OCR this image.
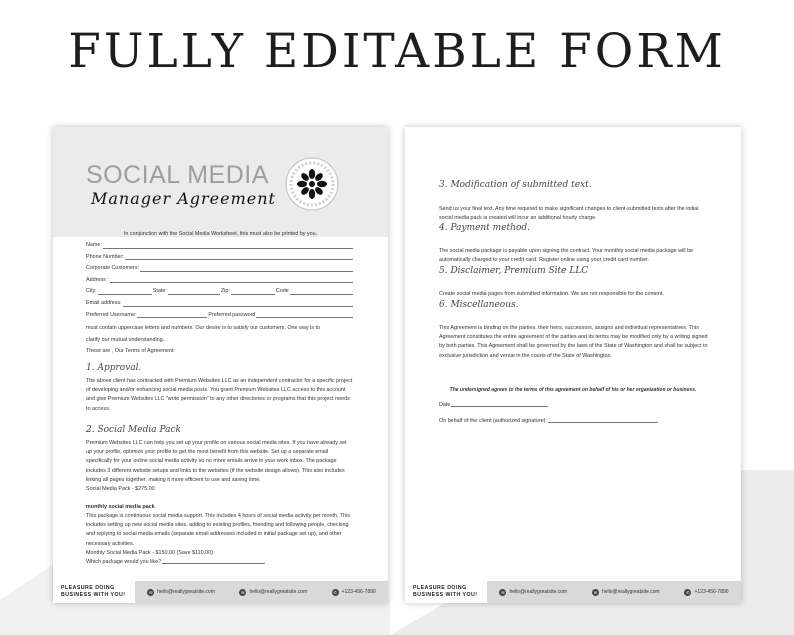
FULLY EDITABLE FORM
SOCIAL MEDIA
Manager Agreement
In conjunction with the Social Media Worksheet, this must also be printed by you.
Name:
Phone Number:
Corporate Customers:
Address :
City:	State:	Zip:	Code
Email address:
Preferred Username:	Preferred password
must contain uppercase letters and numbers. Our desire is to satisfy our customers. One way is to
clarify our mutual understanding.
These are , Our Terms of Agreement:
1. Approval.
The above client has contracted with Premium Websites LLC as an independent contractor for a specific project of developing and/or enhancing social media posts. You grant Premium Websites LLC access to this account and give Premium Websites LLC "write permission" to any other directories or programs that this project needs to access.
2. Social Media Pack
Premium Websites LLC can help you set up your profile on various social media sites. If you have already set up your profile, optimize your profile to get the most benefit from this website. Set up a separate email specifically for your online social media activity so no more emails arrive in your work inbox. The package includes 3 different website setups and links to the websites (if the website design allows). This also includes linking all pages together, making it more efficient to use and saving time.
Social Media Pack - $275.00
monthly social media pack
This package is continuous social media support. This includes 4 hours of social media activity per month. This includes setting up new social media sites, adding to existing profiles, friending and following people, checking and replying to social media emails (separate email addresses included in initial package set up), and other necessary activities.
Monthly Social Media Pack - $150.00 (Save $110.00)
Which package would you like?
PLEASURE DOING
BUSINESS WITH YOU!	✉ hello@reallygreatsite.com	✉ hello@reallygreatsite.com	✆ +123-456-7890
3. Modification of submitted text.
Send us your final text. Any time required to make significant changes to client-submitted texts after the initial social media pack is created will incur an additional hourly charge.
4. Payment method.
The social media package is payable upon signing the contract. Your monthly social media package will be automatically charged to your credit card. Register online using your credit card number.
5. Disclaimer, Premium Site LLC
Create social media pages from submitted information. We are not responsible for the content.
6. Miscellaneous.
This Agreement is binding on the parties, their heirs, successors, assigns and individual representatives. This Agreement constitutes the entire agreement of the parties and its terms may be modified only by a writing signed by both parties. This Agreement shall be governed by the laws of the State of Washington and shall be subject to exclusive jurisdiction and venue in the courts of the State of Washington.
The undersigned agrees to the terms of this agreement on behalf of his or her organization or business.
Date
On behalf of the client (authorized signature):
PLEASURE DOING
BUSINESS WITH YOU!	✉ hello@reallygreatsite.com	✉ hello@reallygreatsite.com	✆ +123-456-7890
